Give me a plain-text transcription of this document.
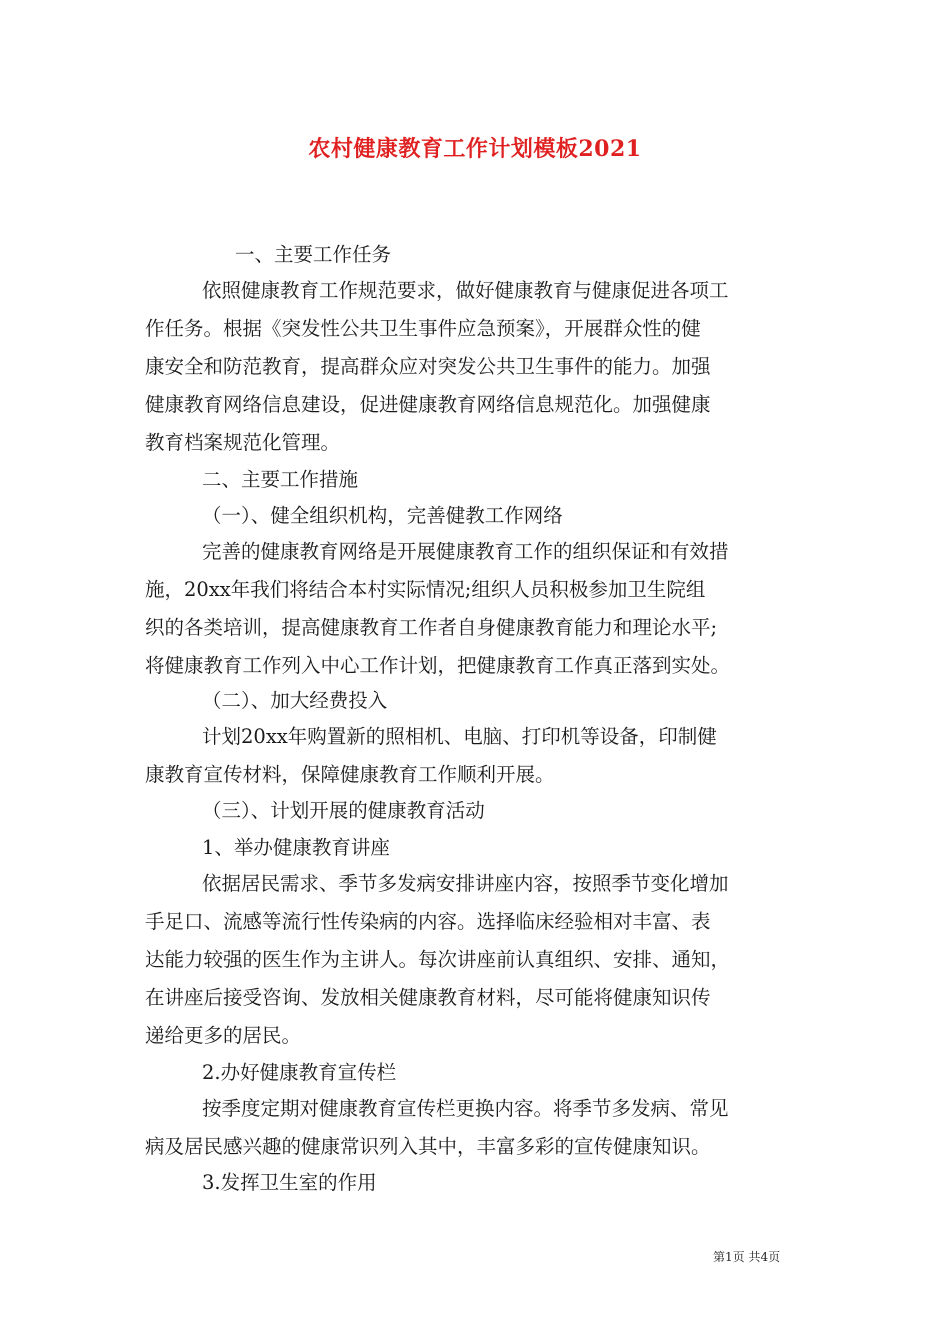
农村健康教育工作计划模板2021
一、主要工作任务
依照健康教育工作规范要求，做好健康教育与健康促进各项工
作任务。根据《突发性公共卫生事件应急预案》，开展群众性的健
康安全和防范教育，提高群众应对突发公共卫生事件的能力。加强
健康教育网络信息建设，促进健康教育网络信息规范化。加强健康
教育档案规范化管理。
二、主要工作措施
（一）、健全组织机构，完善健教工作网络
完善的健康教育网络是开展健康教育工作的组织保证和有效措
施，20xx年我们将结合本村实际情况;组织人员积极参加卫生院组
织的各类培训，提高健康教育工作者自身健康教育能力和理论水平;
将健康教育工作列入中心工作计划，把健康教育工作真正落到实处。
（二）、加大经费投入
计划20xx年购置新的照相机、电脑、打印机等设备，印制健
康教育宣传材料，保障健康教育工作顺利开展。
（三）、计划开展的健康教育活动
1、举办健康教育讲座
依据居民需求、季节多发病安排讲座内容，按照季节变化增加
手足口、流感等流行性传染病的内容。选择临床经验相对丰富、表
达能力较强的医生作为主讲人。每次讲座前认真组织、安排、通知，
在讲座后接受咨询、发放相关健康教育材料，尽可能将健康知识传
递给更多的居民。
2.办好健康教育宣传栏
按季度定期对健康教育宣传栏更换内容。将季节多发病、常见
病及居民感兴趣的健康常识列入其中，丰富多彩的宣传健康知识。
3.发挥卫生室的作用
第1页 共4页
